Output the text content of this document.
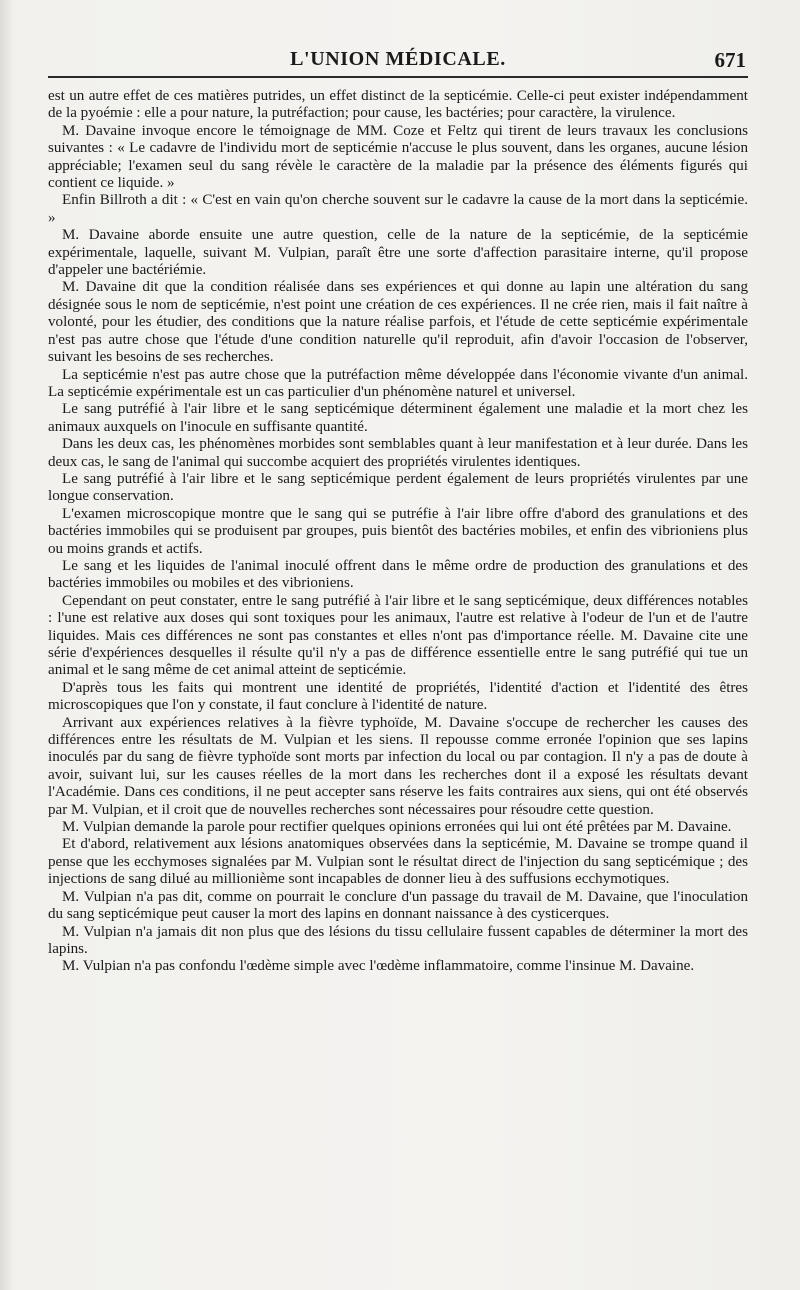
L'UNION MÉDICALE.	671

est un autre effet de ces matières putrides, un effet distinct de la septicémie. Celle-ci peut exister indépendamment de la pyoémie : elle a pour nature, la putréfaction; pour cause, les bactéries; pour caractère, la virulence.

M. Davaine invoque encore le témoignage de MM. Coze et Feltz qui tirent de leurs travaux les conclusions suivantes : « Le cadavre de l'individu mort de septicémie n'accuse le plus souvent, dans les organes, aucune lésion appréciable; l'examen seul du sang révèle le caractère de la maladie par la présence des éléments figurés qui contient ce liquide. »

Enfin Billroth a dit : « C'est en vain qu'on cherche souvent sur le cadavre la cause de la mort dans la septicémie. »

M. Davaine aborde ensuite une autre question, celle de la nature de la septicémie, de la septicémie expérimentale, laquelle, suivant M. Vulpian, paraît être une sorte d'affection parasitaire interne, qu'il propose d'appeler une bactériémie.

M. Davaine dit que la condition réalisée dans ses expériences et qui donne au lapin une altération du sang désignée sous le nom de septicémie, n'est point une création de ces expériences. Il ne crée rien, mais il fait naître à volonté, pour les étudier, des conditions que la nature réalise parfois, et l'étude de cette septicémie expérimentale n'est pas autre chose que l'étude d'une condition naturelle qu'il reproduit, afin d'avoir l'occasion de l'observer, suivant les besoins de ses recherches.

La septicémie n'est pas autre chose que la putréfaction même développée dans l'économie vivante d'un animal. La septicémie expérimentale est un cas particulier d'un phénomène naturel et universel.

Le sang putréfié à l'air libre et le sang septicémique déterminent également une maladie et la mort chez les animaux auxquels on l'inocule en suffisante quantité.

Dans les deux cas, les phénomènes morbides sont semblables quant à leur manifestation et à leur durée. Dans les deux cas, le sang de l'animal qui succombe acquiert des propriétés virulentes identiques.

Le sang putréfié à l'air libre et le sang septicémique perdent également de leurs propriétés virulentes par une longue conservation.

L'examen microscopique montre que le sang qui se putréfie à l'air libre offre d'abord des granulations et des bactéries immobiles qui se produisent par groupes, puis bientôt des bactéries mobiles, et enfin des vibrioniens plus ou moins grands et actifs.

Le sang et les liquides de l'animal inoculé offrent dans le même ordre de production des granulations et des bactéries immobiles ou mobiles et des vibrioniens.

Cependant on peut constater, entre le sang putréfié à l'air libre et le sang septicémique, deux différences notables : l'une est relative aux doses qui sont toxiques pour les animaux, l'autre est relative à l'odeur de l'un et de l'autre liquides. Mais ces différences ne sont pas constantes et elles n'ont pas d'importance réelle. M. Davaine cite une série d'expériences desquelles il résulte qu'il n'y a pas de différence essentielle entre le sang putréfié qui tue un animal et le sang même de cet animal atteint de septicémie.

D'après tous les faits qui montrent une identité de propriétés, l'identité d'action et l'identité des êtres microscopiques que l'on y constate, il faut conclure à l'identité de nature.

Arrivant aux expériences relatives à la fièvre typhoïde, M. Davaine s'occupe de rechercher les causes des différences entre les résultats de M. Vulpian et les siens. Il repousse comme erronée l'opinion que ses lapins inoculés par du sang de fièvre typhoïde sont morts par infection du local ou par contagion. Il n'y a pas de doute à avoir, suivant lui, sur les causes réelles de la mort dans les recherches dont il a exposé les résultats devant l'Académie. Dans ces conditions, il ne peut accepter sans réserve les faits contraires aux siens, qui ont été observés par M. Vulpian, et il croit que de nouvelles recherches sont nécessaires pour résoudre cette question.

M. Vulpian demande la parole pour rectifier quelques opinions erronées qui lui ont été prêtées par M. Davaine.

Et d'abord, relativement aux lésions anatomiques observées dans la septicémie, M. Davaine se trompe quand il pense que les ecchymoses signalées par M. Vulpian sont le résultat direct de l'injection du sang septicémique ; des injections de sang dilué au millionième sont incapables de donner lieu à des suffusions ecchymotiques.

M. Vulpian n'a pas dit, comme on pourrait le conclure d'un passage du travail de M. Davaine, que l'inoculation du sang septicémique peut causer la mort des lapins en donnant naissance à des cysticerques.

M. Vulpian n'a jamais dit non plus que des lésions du tissu cellulaire fussent capables de déterminer la mort des lapins.

M. Vulpian n'a pas confondu l'œdème simple avec l'œdème inflammatoire, comme l'insinue M. Davaine.
